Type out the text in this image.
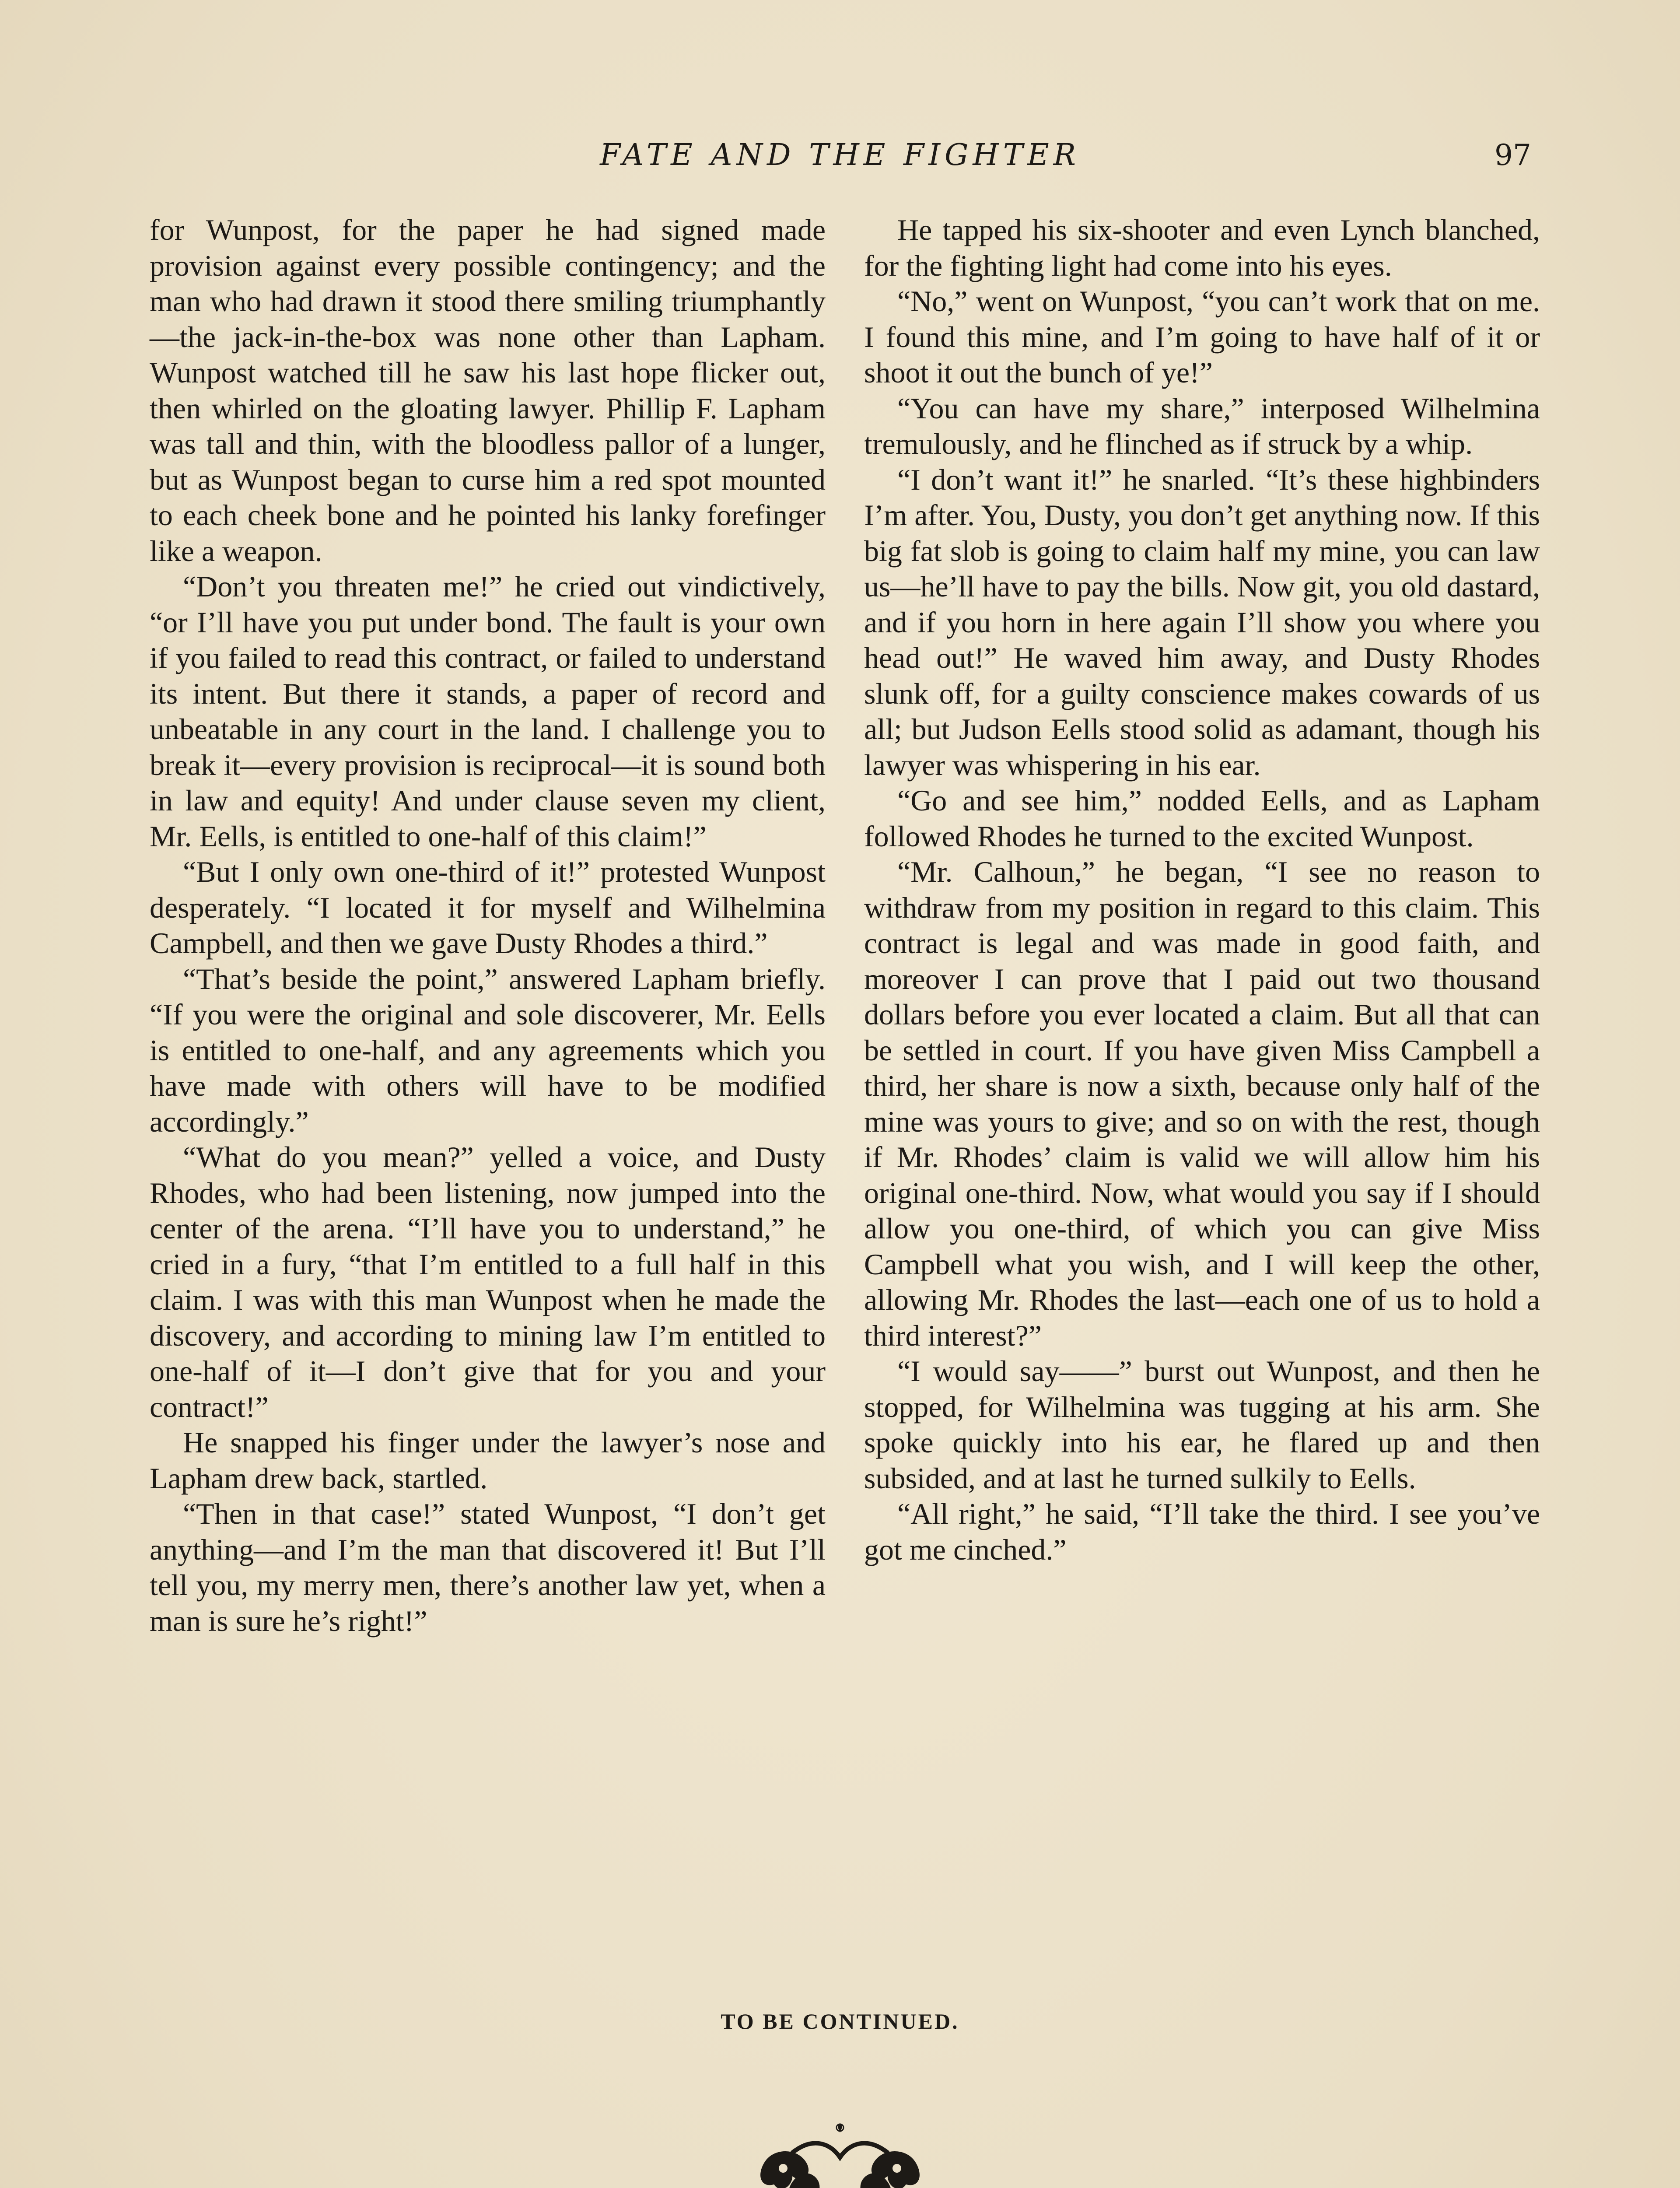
FATE AND THE FIGHTER	97

for Wunpost, for the paper he had signed made provision against every possible contingency; and the man who had drawn it stood there smiling triumphantly—the jack-in-the-box was none other than Lapham. Wunpost watched till he saw his last hope flicker out, then whirled on the gloating lawyer. Phillip F. Lapham was tall and thin, with the bloodless pallor of a lunger, but as Wunpost began to curse him a red spot mounted to each cheek bone and he pointed his lanky forefinger like a weapon.

“Don’t you threaten me!” he cried out vindictively, “or I’ll have you put under bond. The fault is your own if you failed to read this contract, or failed to understand its intent. But there it stands, a paper of record and unbeatable in any court in the land. I challenge you to break it—every provision is reciprocal—it is sound both in law and equity! And under clause seven my client, Mr. Eells, is entitled to one-half of this claim!”

“But I only own one-third of it!” protested Wunpost desperately. “I located it for myself and Wilhelmina Campbell, and then we gave Dusty Rhodes a third.”

“That’s beside the point,” answered Lapham briefly. “If you were the original and sole discoverer, Mr. Eells is entitled to one-half, and any agreements which you have made with others will have to be modified accordingly.”

“What do you mean?” yelled a voice, and Dusty Rhodes, who had been listening, now jumped into the center of the arena. “I’ll have you to understand,” he cried in a fury, “that I’m entitled to a full half in this claim. I was with this man Wunpost when he made the discovery, and according to mining law I’m entitled to one-half of it—I don’t give that for you and your contract!”

He snapped his finger under the lawyer’s nose and Lapham drew back, startled.

“Then in that case!” stated Wunpost, “I don’t get anything—and I’m the man that discovered it! But I’ll tell you, my merry men, there’s another law yet, when a man is sure he’s right!”

He tapped his six-shooter and even Lynch blanched, for the fighting light had come into his eyes.

“No,” went on Wunpost, “you can’t work that on me. I found this mine, and I’m going to have half of it or shoot it out the bunch of ye!”

“You can have my share,” interposed Wilhelmina tremulously, and he flinched as if struck by a whip.

“I don’t want it!” he snarled. “It’s these highbinders I’m after. You, Dusty, you don’t get anything now. If this big fat slob is going to claim half my mine, you can law us—he’ll have to pay the bills. Now git, you old dastard, and if you horn in here again I’ll show you where you head out!” He waved him away, and Dusty Rhodes slunk off, for a guilty conscience makes cowards of us all; but Judson Eells stood solid as adamant, though his lawyer was whispering in his ear.

“Go and see him,” nodded Eells, and as Lapham followed Rhodes he turned to the excited Wunpost.

“Mr. Calhoun,” he began, “I see no reason to withdraw from my position in regard to this claim. This contract is legal and was made in good faith, and moreover I can prove that I paid out two thousand dollars before you ever located a claim. But all that can be settled in court. If you have given Miss Campbell a third, her share is now a sixth, because only half of the mine was yours to give; and so on with the rest, though if Mr. Rhodes’ claim is valid we will allow him his original one-third. Now, what would you say if I should allow you one-third, of which you can give Miss Campbell what you wish, and I will keep the other, allowing Mr. Rhodes the last—each one of us to hold a third interest?”

“I would say——” burst out Wunpost, and then he stopped, for Wilhelmina was tugging at his arm. She spoke quickly into his ear, he flared up and then subsided, and at last he turned sulkily to Eells.

“All right,” he said, “I’ll take the third. I see you’ve got me cinched.”

TO BE CONTINUED.
